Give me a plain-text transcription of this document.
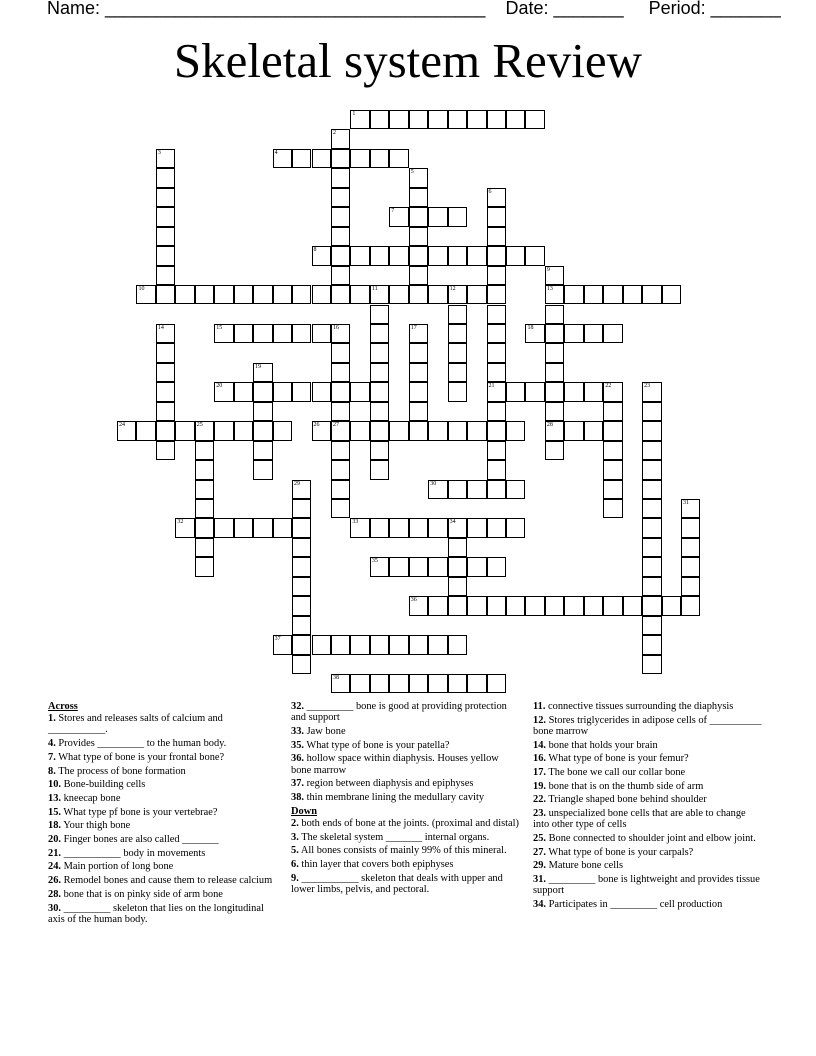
Name: ______________________________________ Date: _______ Period: _______
Skeletal system Review
1
2
3	4
5
6
21
7
8
9
13
28
10	11	12
14	15	16
27
17	18
19
20	22	23
24	25	26
29	30
31
32	33	34
35
36
37
38
Across
1. Stores and releases salts of calcium and ___________.
4. Provides _________ to the human body.
7. What type of bone is your frontal bone?
8. The process of bone formation
10. Bone-building cells
13. kneecap bone
15. What type pf bone is your vertebrae?
18. Your thigh bone
20. Finger bones are also called _______
21. ___________ body in movements
24. Main portion of long bone
26. Remodel bones and cause them to release calcium
28. bone that is on pinky side of arm bone
30. _________ skeleton that lies on the longitudinal axis of the human body.
32. _________ bone is good at providing protection and support
33. Jaw bone
35. What type of bone is your patella?
36. hollow space within diaphysis. Houses yellow bone marrow
37. region between diaphysis and epiphyses
38. thin membrane lining the medullary cavity
Down
2. both ends of bone at the joints. (proximal and distal)
3. The skeletal system _______ internal organs.
5. All bones consists of mainly 99% of this mineral.
6. thin layer that covers both epiphyses
9. ___________ skeleton that deals with upper and lower limbs, pelvis, and pectoral.
11. connective tissues surrounding the diaphysis
12. Stores triglycerides in adipose cells of __________ bone marrow
14. bone that holds your brain
16. What type of bone is your femur?
17. The bone we call our collar bone
19. bone that is on the thumb side of arm
22. Triangle shaped bone behind shoulder
23. unspecialized bone cells that are able to change into other type of cells
25. Bone connected to shoulder joint and elbow joint.
27. What type of bone is your carpals?
29. Mature bone cells
31. _________ bone is lightweight and provides tissue support
34. Participates in _________ cell production
